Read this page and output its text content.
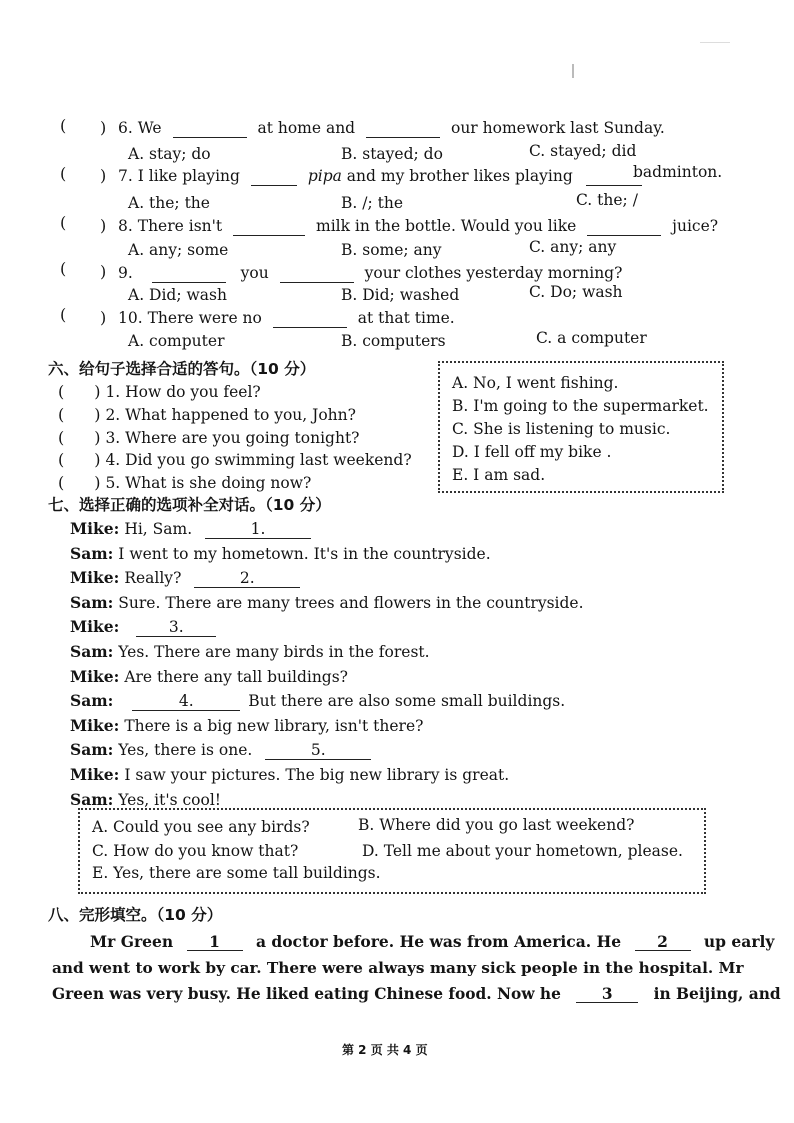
( ) 6. We	at home and	our homework last Sunday.
A. stay; do	B. stayed; do	C. stayed; did
( ) 7. I like playing	pipa and my brother likes playing	badminton.
A. the; the	B. /; the	C. the; /
( ) 8. There isn't	milk in the bottle. Would you like	juice?
A. any; some	B. some; any	C. any; any
( ) 9.	you	your clothes yesterday morning?
A. Did; wash	B. Did; washed	C. Do; wash
( ) 10. There were no	at that time.
A. computer	B. computers	C. a computer
六、给句子选择合适的答句。（10 分）
( ) 1. How do you feel?
( ) 2. What happened to you, John?
( ) 3. Where are you going tonight?
( ) 4. Did you go swimming last weekend?
( ) 5. What is she doing now?
A. No, I went fishing.
B. I'm going to the supermarket.
C. She is listening to music.
D. I fell off my bike .
E. I am sad.
七、选择正确的选项补全对话。（10 分）
Mike: Hi, Sam.	1.
Sam: I went to my hometown. It's in the countryside.
Mike: Really?	2.
Sam: Sure. There are many trees and flowers in the countryside.
Mike:	3.
Sam: Yes. There are many birds in the forest.
Mike: Are there any tall buildings?
Sam:	4.	But there are also some small buildings.
Mike: There is a big new library, isn't there?
Sam: Yes, there is one.	5.
Mike: I saw your pictures. The big new library is great.
Sam: Yes, it's cool!
A. Could you see any birds?	B. Where did you go last weekend?
C. How do you know that?	D. Tell me about your hometown, please.
E. Yes, there are some tall buildings.
八、完形填空。（10 分）
Mr Green 1 a doctor before. He was from America. He 2 up early
and went to work by car. There were always many sick people in the hospital. Mr
Green was very busy. He liked eating Chinese food. Now he	3	in Beijing, and
第 2 页 共 4 页
